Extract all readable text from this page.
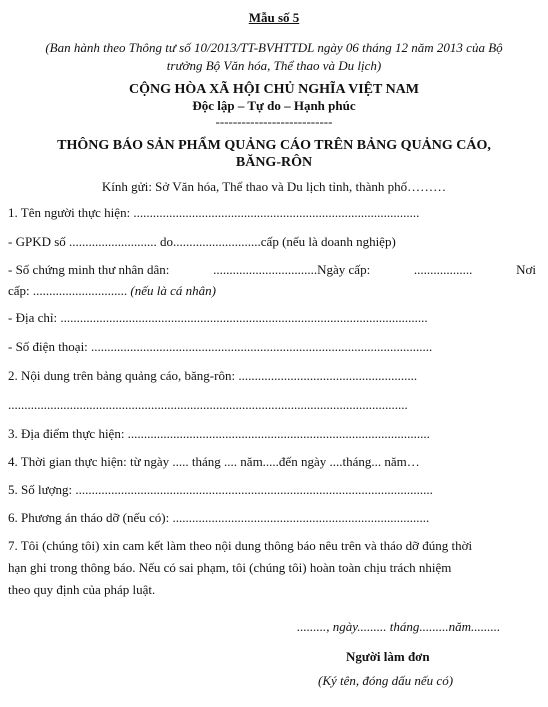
Mẫu số 5
(Ban hành theo Thông tư số 10/2013/TT-BVHTTDL ngày 06 tháng 12 năm 2013 của Bộ
trưởng Bộ Văn hóa, Thể thao và Du lịch)
CỘNG HÒA XÃ HỘI CHỦ NGHĨA VIỆT NAM
Độc lập – Tự do – Hạnh phúc
---------------------------
THÔNG BÁO SẢN PHẨM QUẢNG CÁO TRÊN BẢNG QUẢNG CÁO,
BĂNG-RÔN
Kính gửi: Sở Văn hóa, Thể thao và Du lịch tỉnh, thành phố………
1. Tên người thực hiện: ........................................................................................
- GPKD số ........................... do...........................cấp (nếu là doanh nghiệp)
- Số chứng minh thư nhân dân:	................................Ngày cấp:	..................	Nơi
cấp: ............................. (nếu là cá nhân)
- Địa chỉ: .................................................................................................................
- Số điện thoại: .........................................................................................................
2. Nội dung trên bảng quảng cáo, băng-rôn: .......................................................
...........................................................................................................................
3. Địa điểm thực hiện: .............................................................................................
4. Thời gian thực hiện: từ ngày ..... tháng .... năm.....đến ngày ....tháng... năm…
5. Số lượng: ..............................................................................................................
6. Phương án tháo dỡ (nếu có): ...............................................................................
7. Tôi (chúng tôi) xin cam kết làm theo nội dung thông báo nêu trên và tháo dỡ đúng thời
hạn ghi trong thông báo. Nếu có sai phạm, tôi (chúng tôi) hoàn toàn chịu trách nhiệm
theo quy định của pháp luật.
........., ngày......... tháng.........năm.........
Người làm đơn
(Ký tên, đóng dấu nếu có)
